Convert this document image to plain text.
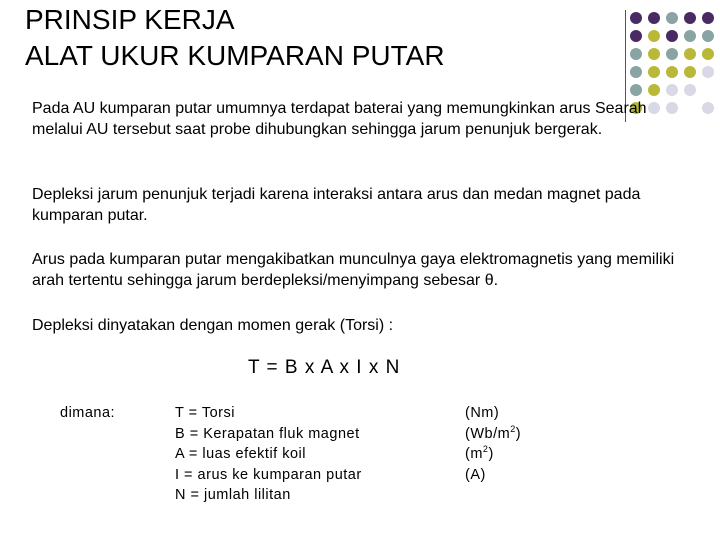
PRINSIP KERJA
ALAT UKUR KUMPARAN PUTAR
Pada AU kumparan putar umumnya terdapat baterai yang memungkinkan arus Searah melalui AU tersebut saat probe dihubungkan sehingga jarum penunjuk bergerak.
Depleksi jarum penunjuk terjadi karena interaksi antara arus dan medan magnet pada kumparan putar.
Arus pada kumparan putar mengakibatkan munculnya gaya elektromagnetis yang memiliki arah tertentu sehingga jarum berdepleksi/menyimpang sebesar θ.
Depleksi dinyatakan dengan momen gerak (Torsi) :
T = B x A x I x N
dimana:	T = Torsi
B = Kerapatan fluk magnet
A = luas efektif koil
I = arus ke kumparan putar
N = jumlah lilitan
(Nm)
$(Wb/m^2)$
$(m^2)$
(A)
